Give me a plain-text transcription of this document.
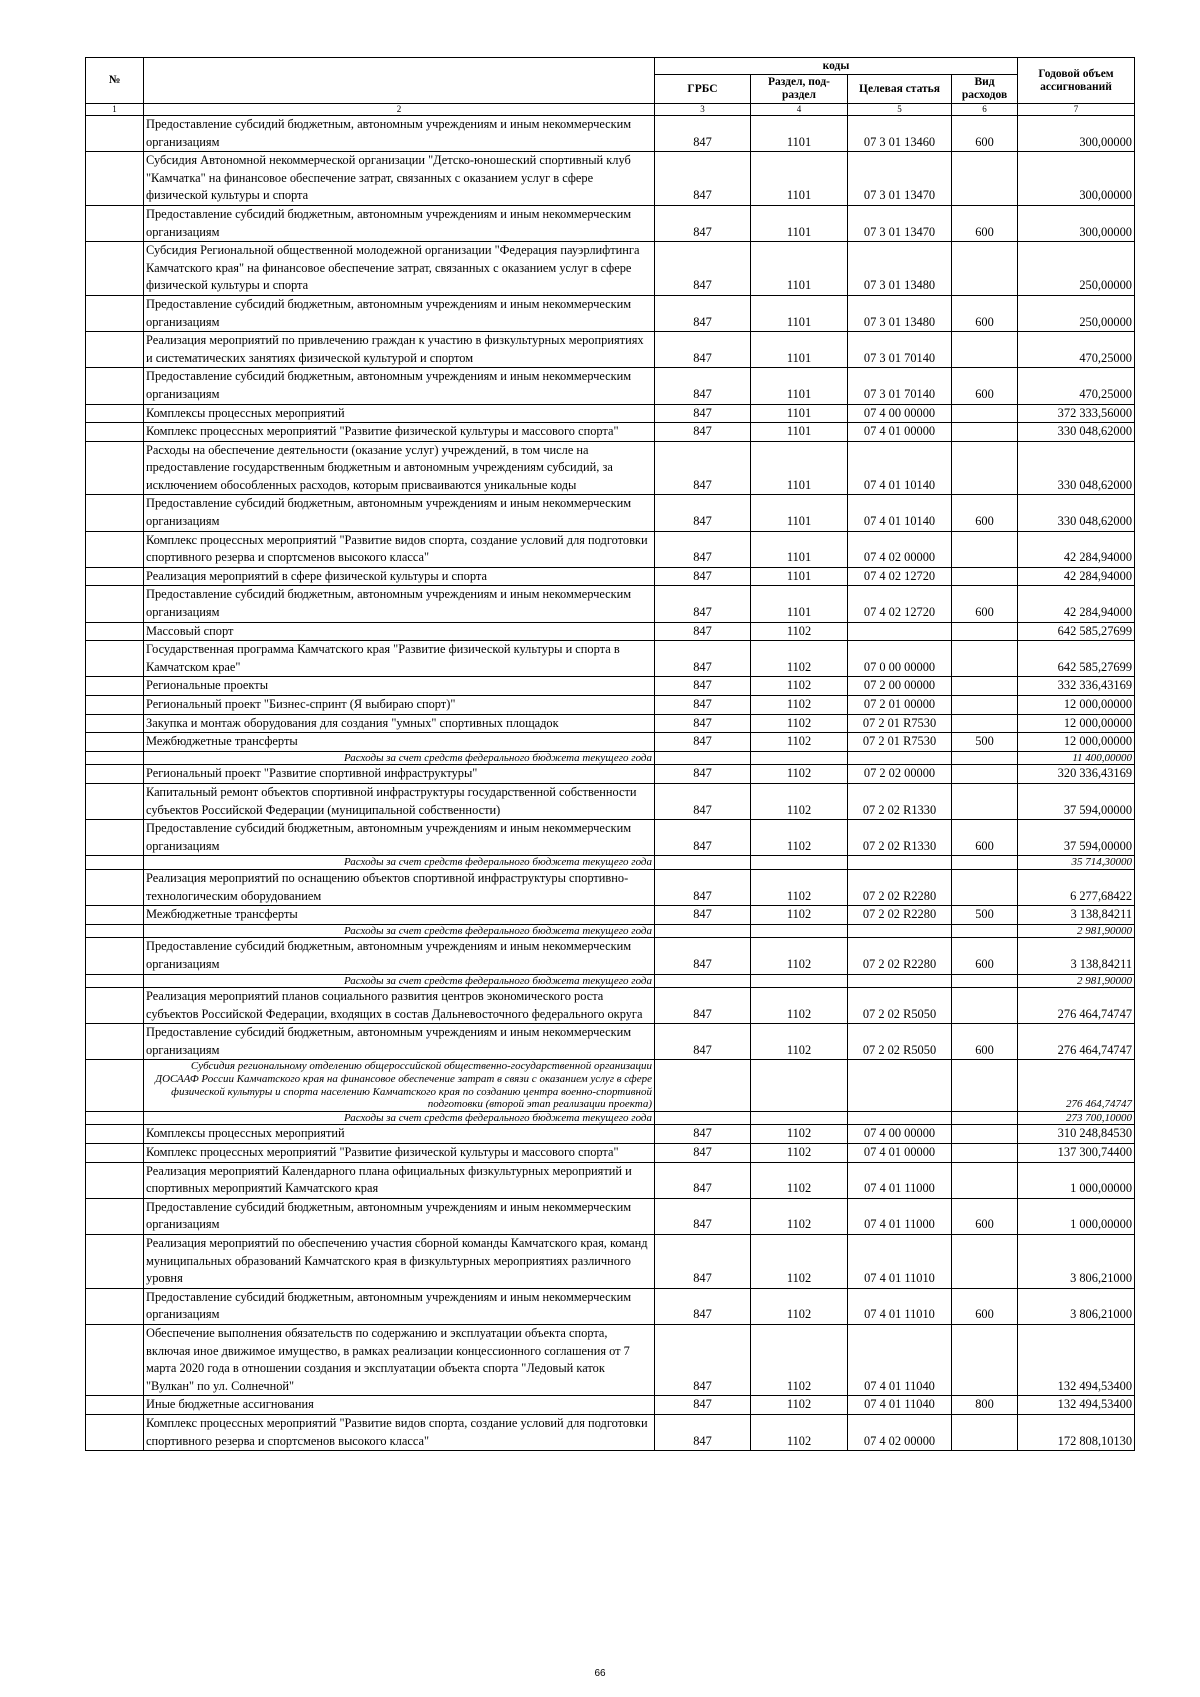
№		коды				Годовой объем ассигнований
		ГРБС	Раздел, под-раздел	Целевая статья	Вид расходов	
1	2	3	4	5	6	7
	Предоставление субсидий бюджетным, автономным учреждениям и иным некоммерческим организациям	847	1101	07 3 01 13460	600	300,00000
	Субсидия Автономной некоммерческой организации "Детско-юношеский спортивный клуб "Камчатка" на финансовое обеспечение затрат, связанных с оказанием услуг в сфере физической культуры и спорта	847	1101	07 3 01 13470		300,00000
	Предоставление субсидий бюджетным, автономным учреждениям и иным некоммерческим организациям	847	1101	07 3 01 13470	600	300,00000
	Субсидия Региональной общественной молодежной организации "Федерация пауэрлифтинга Камчатского края" на финансовое обеспечение затрат, связанных с оказанием услуг в сфере физической культуры и спорта	847	1101	07 3 01 13480		250,00000
	Предоставление субсидий бюджетным, автономным учреждениям и иным некоммерческим организациям	847	1101	07 3 01 13480	600	250,00000
	Реализация мероприятий по привлечению граждан к участию в физкультурных мероприятиях и систематических занятиях физической культурой и спортом	847	1101	07 3 01 70140		470,25000
	Предоставление субсидий бюджетным, автономным учреждениям и иным некоммерческим организациям	847	1101	07 3 01 70140	600	470,25000
	Комплексы процессных мероприятий	847	1101	07 4 00 00000		372 333,56000
	Комплекс процессных мероприятий "Развитие физической культуры и массового спорта"	847	1101	07 4 01 00000		330 048,62000
	Расходы на обеспечение деятельности (оказание услуг) учреждений, в том числе на предоставление государственным бюджетным и автономным учреждениям субсидий, за исключением обособленных расходов, которым присваиваются уникальные коды	847	1101	07 4 01 10140		330 048,62000
	Предоставление субсидий бюджетным, автономным учреждениям и иным некоммерческим организациям	847	1101	07 4 01 10140	600	330 048,62000
	Комплекс процессных мероприятий "Развитие видов спорта, создание условий для подготовки спортивного резерва и спортсменов высокого класса"	847	1101	07 4 02 00000		42 284,94000
	Реализация мероприятий в сфере физической культуры и спорта	847	1101	07 4 02 12720		42 284,94000
	Предоставление субсидий бюджетным, автономным учреждениям и иным некоммерческим организациям	847	1101	07 4 02 12720	600	42 284,94000
	Массовый спорт	847	1102			642 585,27699
	Государственная программа Камчатского края "Развитие физической культуры и спорта в Камчатском крае"	847	1102	07 0 00 00000		642 585,27699
	Региональные проекты	847	1102	07 2 00 00000		332 336,43169
	Региональный проект "Бизнес-спринт (Я выбираю спорт)"	847	1102	07 2 01 00000		12 000,00000
	Закупка и монтаж оборудования для создания "умных" спортивных площадок	847	1102	07 2 01 R7530		12 000,00000
	Межбюджетные трансферты	847	1102	07 2 01 R7530	500	12 000,00000
	Расходы за счет средств федерального бюджета текущего года					11 400,00000
	Региональный проект "Развитие спортивной инфраструктуры"	847	1102	07 2 02 00000		320 336,43169
	Капитальный ремонт объектов спортивной инфраструктуры государственной собственности субъектов Российской Федерации (муниципальной собственности)	847	1102	07 2 02 R1330		37 594,00000
	Предоставление субсидий бюджетным, автономным учреждениям и иным некоммерческим организациям	847	1102	07 2 02 R1330	600	37 594,00000
	Расходы за счет средств федерального бюджета текущего года					35 714,30000
	Реализация мероприятий по оснащению объектов спортивной инфраструктуры спортивно-технологическим оборудованием	847	1102	07 2 02 R2280		6 277,68422
	Межбюджетные трансферты	847	1102	07 2 02 R2280	500	3 138,84211
	Расходы за счет средств федерального бюджета текущего года					2 981,90000
	Предоставление субсидий бюджетным, автономным учреждениям и иным некоммерческим организациям	847	1102	07 2 02 R2280	600	3 138,84211
	Расходы за счет средств федерального бюджета текущего года					2 981,90000
	Реализация мероприятий планов социального развития центров экономического роста субъектов Российской Федерации, входящих в состав Дальневосточного федерального округа	847	1102	07 2 02 R5050		276 464,74747
	Предоставление субсидий бюджетным, автономным учреждениям и иным некоммерческим организациям	847	1102	07 2 02 R5050	600	276 464,74747
	Субсидия региональному отделению общероссийской общественно-государственной организации ДОСААФ России Камчатского края на финансовое обеспечение затрат в связи с оказанием услуг в сфере физической культуры и спорта населению Камчатского края по созданию центра военно-спортивной подготовки (второй этап реализации проекта)					276 464,74747
	Расходы за счет средств федерального бюджета текущего года					273 700,10000
	Комплексы процессных мероприятий	847	1102	07 4 00 00000		310 248,84530
	Комплекс процессных мероприятий "Развитие физической культуры и массового спорта"	847	1102	07 4 01 00000		137 300,74400
	Реализация мероприятий Календарного плана официальных физкультурных мероприятий и спортивных мероприятий Камчатского края	847	1102	07 4 01 11000		1 000,00000
	Предоставление субсидий бюджетным, автономным учреждениям и иным некоммерческим организациям	847	1102	07 4 01 11000	600	1 000,00000
	Реализация мероприятий по обеспечению участия сборной команды Камчатского края, команд муниципальных образований Камчатского края в физкультурных мероприятиях различного уровня	847	1102	07 4 01 11010		3 806,21000
	Предоставление субсидий бюджетным, автономным учреждениям и иным некоммерческим организациям	847	1102	07 4 01 11010	600	3 806,21000
	Обеспечение выполнения обязательств по содержанию и эксплуатации объекта спорта, включая иное движимое имущество, в рамках реализации концессионного соглашения от 7 марта 2020 года в отношении создания и эксплуатации объекта спорта "Ледовый каток "Вулкан" по ул. Солнечной"	847	1102	07 4 01 11040		132 494,53400
	Иные бюджетные ассигнования	847	1102	07 4 01 11040	800	132 494,53400
	Комплекс процессных мероприятий "Развитие видов спорта, создание условий для подготовки спортивного резерва и спортсменов высокого класса"	847	1102	07 4 02 00000		172 808,10130
66
